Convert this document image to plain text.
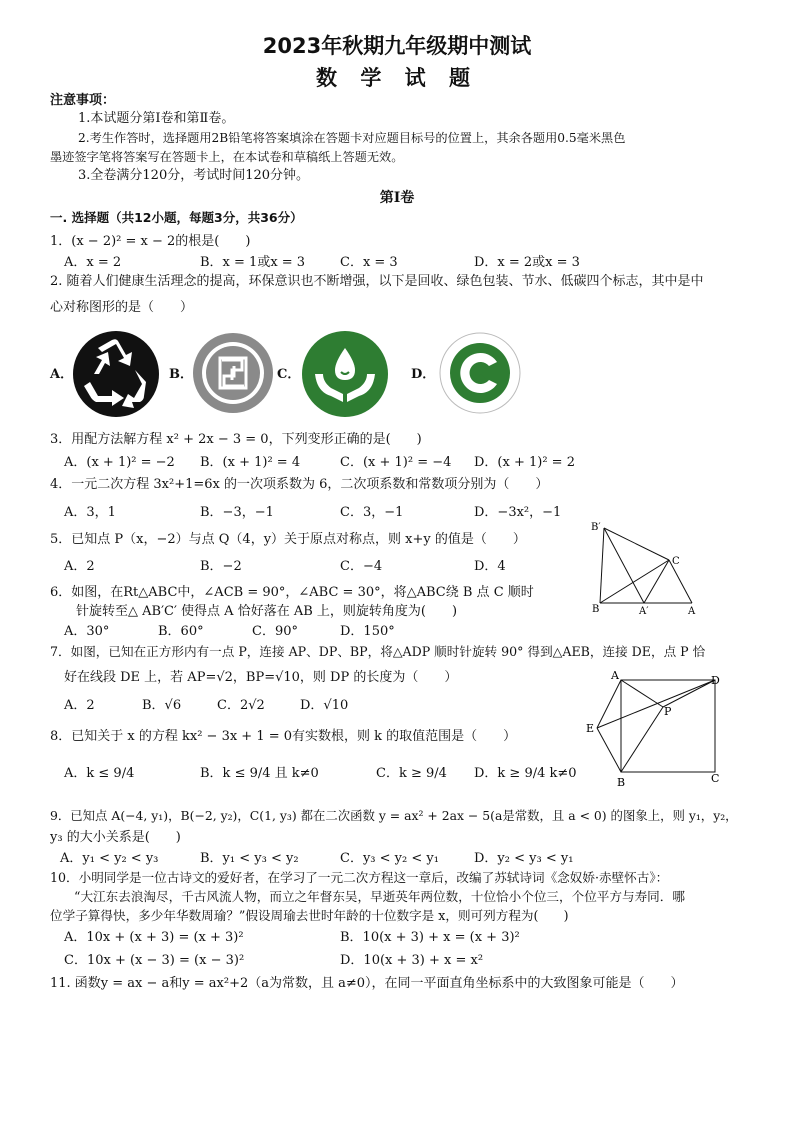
2023年秋期九年级期中测试
数 学 试 题
注意事项：
1.本试题分第Ⅰ卷和第Ⅱ卷。
2.考生作答时，选择题用2B铅笔将答案填涂在答题卡对应题目标号的位置上，其余各题用0.5毫米黑色
墨迹签字笔将答案写在答题卡上，在本试卷和草稿纸上答题无效。
3.全卷满分120分，考试时间120分钟。
第Ⅰ卷
一. 选择题（共12小题，每题3分，共36分）
1．(x − 2)² = x − 2的根是(　　)
A．x = 2	B．x = 1或x = 3	C．x = 3	D．x = 2或x = 3
2. 随着人们健康生活理念的提高，环保意识也不断增强，以下是回收、绿色包装、节水、低碳四个标志，其中是中
心对称图形的是（　　）
A．	B．	C．	D．
3．用配方法解方程 x² + 2x − 3 = 0，下列变形正确的是(　　)
A．(x + 1)² = −2 B．(x + 1)² = 4	C．(x + 1)² = −4 D．(x + 1)² = 2
4．一元二次方程 3x²+1=6x 的一次项系数为 6，二次项系数和常数项分别为（　　）
A．3，1	B．−3，−1	C．3，−1	D．−3x²，−1
5．已知点 P（x，−2）与点 Q（4，y）关于原点对称点，则 x+y 的值是（　　）
A．2	B．−2	C．−4	D．4
B	A
A′
C
B′
6．如图，在Rt△ABC中，∠ACB = 90°，∠ABC = 30°，将△ABC绕 B 点 C 顺时
针旋转至△ AB′C′ 使得点 A 恰好落在 AB 上，则旋转角度为(　　)
A．30°	B．60°	C．90°	D．150°
7．如图，已知在正方形内有一点 P，连接 AP、DP、BP，将△ADP 顺时针旋转 90° 得到△AEB，连接 DE，点 P 恰
好在线段 DE 上，若 AP=√2，BP=√10，则 DP 的长度为（　　）
A．2	B．√6	C．2√2	D．√10
A	D
E
P
B	C
8．已知关于 x 的方程 kx² − 3x + 1 = 0有实数根，则 k 的取值范围是（　　）
A．k ≤ 9/4	B．k ≤ 9/4 且 k≠0	C．k ≥ 9/4 D．k ≥ 9/4 k≠0
9．已知点 A(−4, y₁)，B(−2, y₂)，C(1, y₃) 都在二次函数 y = ax² + 2ax − 5(a是常数，且 a < 0) 的图象上，则 y₁，y₂，
y₃ 的大小关系是(　　)
A．y₁ < y₂ < y₃	B．y₁ < y₃ < y₂	C．y₃ < y₂ < y₁	D．y₂ < y₃ < y₁
10．小明同学是一位古诗文的爱好者，在学习了一元二次方程这一章后，改编了苏轼诗词《念奴娇·赤壁怀古》：
“大江东去浪淘尽，千古风流人物，而立之年督东吴，早逝英年两位数，十位恰小个位三，个位平方与寿同．哪
位学子算得快，多少年华数周瑜？”假设周瑜去世时年龄的十位数字是 x，则可列方程为(　　)
A．10x + (x + 3) = (x + 3)²	B．10(x + 3) + x = (x + 3)²
C．10x + (x − 3) = (x − 3)²	D．10(x + 3) + x = x²
11. 函数y = ax − a和y = ax²+2（a为常数，且 a≠0），在同一平面直角坐标系中的大致图象可能是（　　）
